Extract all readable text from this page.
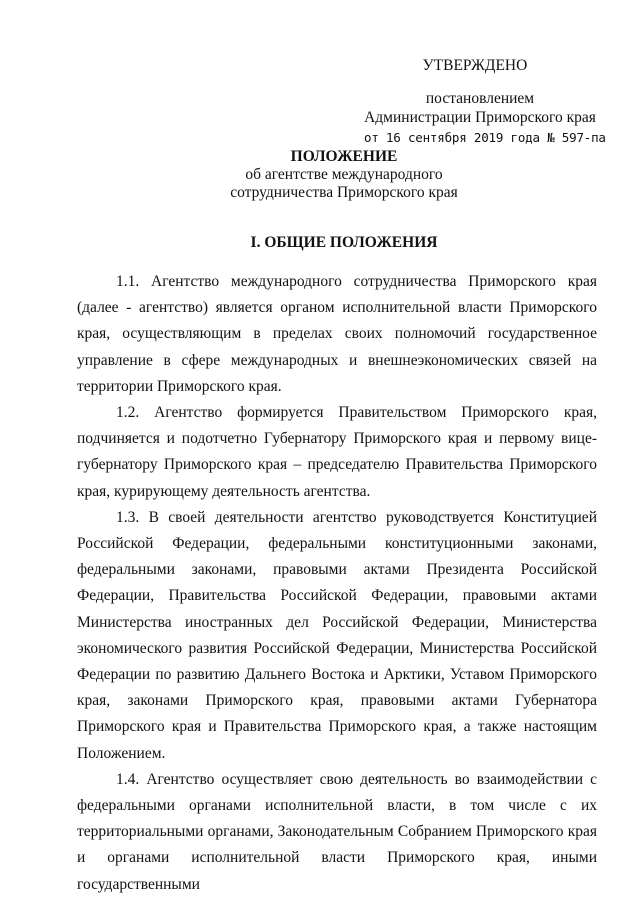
УТВЕРЖДЕНО
постановлением
Администрации Приморского края
от 16 сентября 2019 года № 597-па
ПОЛОЖЕНИЕ
об агентстве международного
сотрудничества Приморского края
I. ОБЩИЕ ПОЛОЖЕНИЯ

1.1. Агентство международного сотрудничества Приморского края (далее - агентство) является органом исполнительной власти Приморского края, осуществляющим в пределах своих полномочий государственное управление в сфере международных и внешнеэкономических связей на территории Приморского края.

1.2. Агентство формируется Правительством Приморского края, подчиняется и подотчетно Губернатору Приморского края и первому вице-губернатору Приморского края – председателю Правительства Приморского края, курирующему деятельность агентства.

1.3. В своей деятельности агентство руководствуется Конституцией Российской Федерации, федеральными конституционными законами, федеральными законами, правовыми актами Президента Российской Федерации, Правительства Российской Федерации, правовыми актами Министерства иностранных дел Российской Федерации, Министерства экономического развития Российской Федерации, Министерства Российской Федерации по развитию Дальнего Востока и Арктики, Уставом Приморского края, законами Приморского края, правовыми актами Губернатора Приморского края и Правительства Приморского края, а также настоящим Положением.

1.4. Агентство осуществляет свою деятельность во взаимодействии с федеральными органами исполнительной власти, в том числе с их территориальными органами, Законодательным Собранием Приморского края и органами исполнительной власти Приморского края, иными государственными
